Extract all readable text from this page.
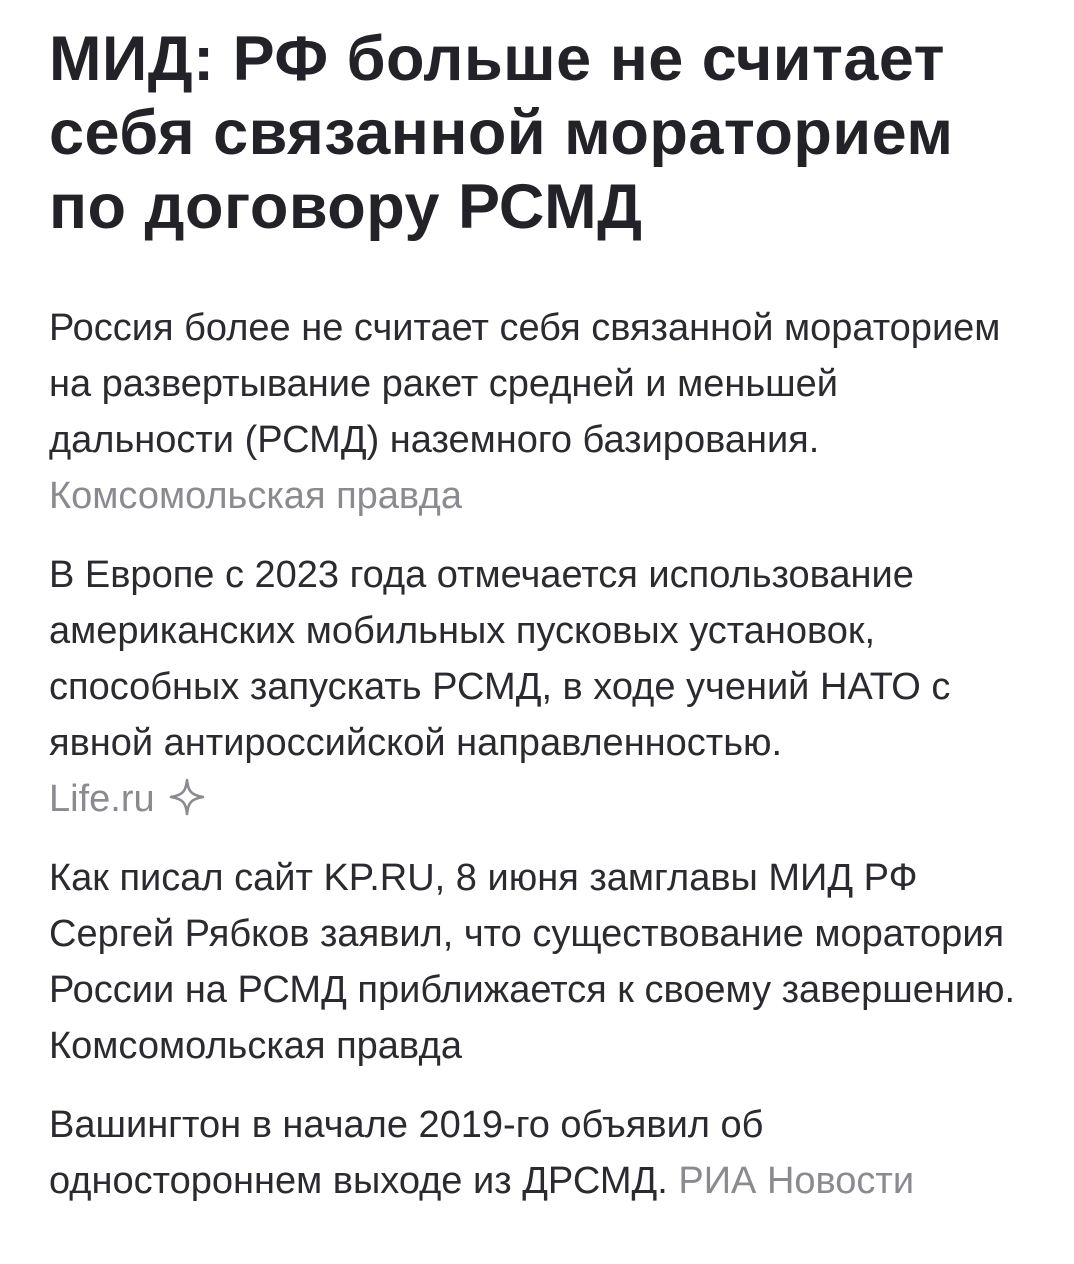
МИД: РФ больше не считает себя связанной мораторием по договору РСМД

Россия более не считает себя связанной мораторием на развертывание ракет средней и меньшей дальности (РСМД) наземного базирования. Комсомольская правда

В Европе с 2023 года отмечается использование американских мобильных пусковых установок, способных запускать РСМД, в ходе учений НАТО с явной антироссийской направленностью.
Life.ru

Как писал сайт KP.RU, 8 июня замглавы МИД РФ Сергей Рябков заявил, что существование моратория России на РСМД приближается к своему завершению. Комсомольская правда

Вашингтон в начале 2019-го объявил об одностороннем выходе из ДРСМД. РИА Новости
